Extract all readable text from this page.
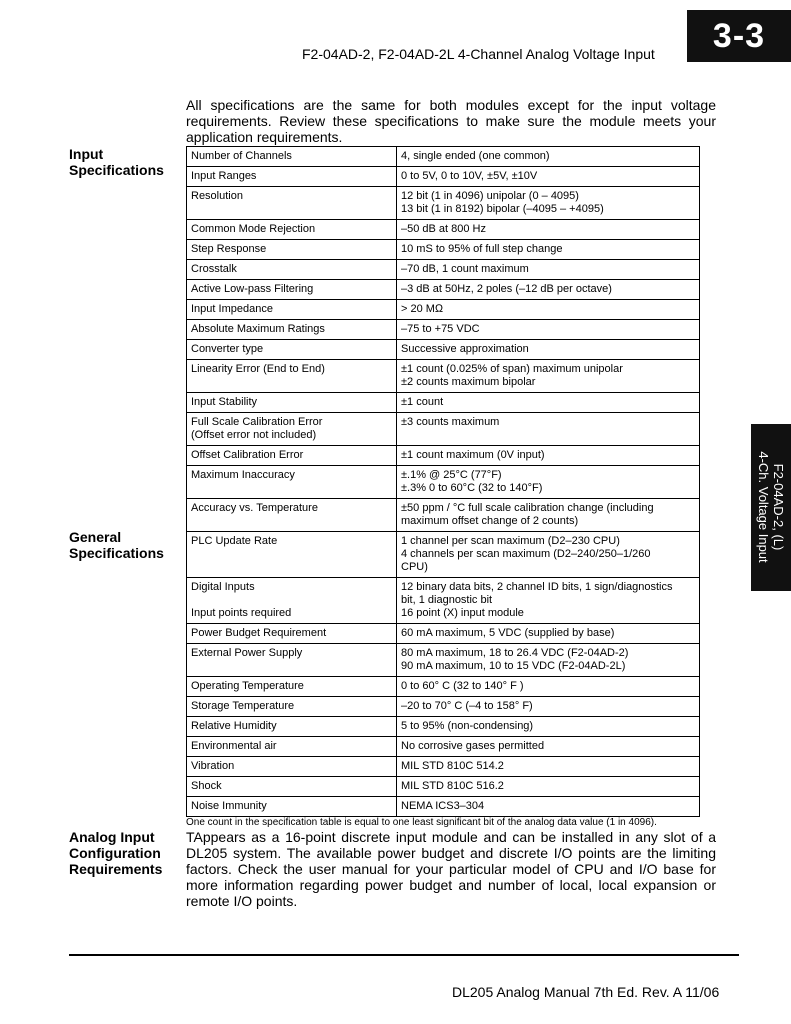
3-3
F2-04AD-2, F2-04AD-2L 4-Channel Analog Voltage Input
F2-04AD-2, (L)
4-Ch. Voltage Input
All specifications are the same for both modules except for the input voltage requirements. Review these specifications to make sure the module meets your application requirements.
Input
Specifications
General
Specifications
Analog Input
Configuration
Requirements
Number of Channels	4, single ended (one common)

Input Ranges	0 to 5V, 0 to 10V, ±5V, ±10V

Resolution	12 bit (1 in 4096) unipolar (0 – 4095)
13 bit (1 in 8192) bipolar (–4095 – +4095)

Common Mode Rejection	–50 dB at 800 Hz

Step Response	10 mS to 95% of full step change

Crosstalk	–70 dB, 1 count maximum

Active Low-pass Filtering	–3 dB at 50Hz, 2 poles (–12 dB per octave)

Input Impedance	> 20 MΩ

Absolute Maximum Ratings	–75 to +75 VDC

Converter type	Successive approximation

Linearity Error (End to End)	±1 count (0.025% of span) maximum unipolar
±2 counts maximum bipolar

Input Stability	±1 count

Full Scale Calibration Error
(Offset error not included)	±3 counts maximum

Offset Calibration Error	±1 count maximum (0V input)

Maximum Inaccuracy	±.1% @ 25°C (77°F)
±.3% 0 to 60°C (32 to 140°F)

Accuracy vs. Temperature	±50 ppm / °C full scale calibration change (including
maximum offset change of 2 counts)

PLC Update Rate	1 channel per scan maximum (D2–230 CPU)
4 channels per scan maximum (D2–240/250–1/260
CPU)

Digital Inputs
Input points required	12 binary data bits, 2 channel ID bits, 1 sign/diagnostics
bit, 1 diagnostic bit
16 point (X) input module

Power Budget Requirement	60 mA maximum, 5 VDC (supplied by base)

External Power Supply	80 mA maximum, 18 to 26.4 VDC (F2-04AD-2)
90 mA maximum, 10 to 15 VDC (F2-04AD-2L)

Operating Temperature	0 to 60° C (32 to 140° F )

Storage Temperature	–20 to 70° C (–4 to 158° F)

Relative Humidity	5 to 95% (non-condensing)

Environmental air	No corrosive gases permitted

Vibration	MIL STD 810C 514.2

Shock	MIL STD 810C 516.2

Noise Immunity	NEMA ICS3–304
One count in the specification table is equal to one least significant bit of the analog data value (1 in 4096).
TAppears as a 16-point discrete input module and can be installed in any slot of a DL205 system. The available power budget and discrete I/O points are the limiting factors. Check the user manual for your particular model of CPU and I/O base for more information regarding power budget and number of local, local expansion or remote I/O points.
DL205 Analog Manual 7th Ed. Rev. A 11/06
